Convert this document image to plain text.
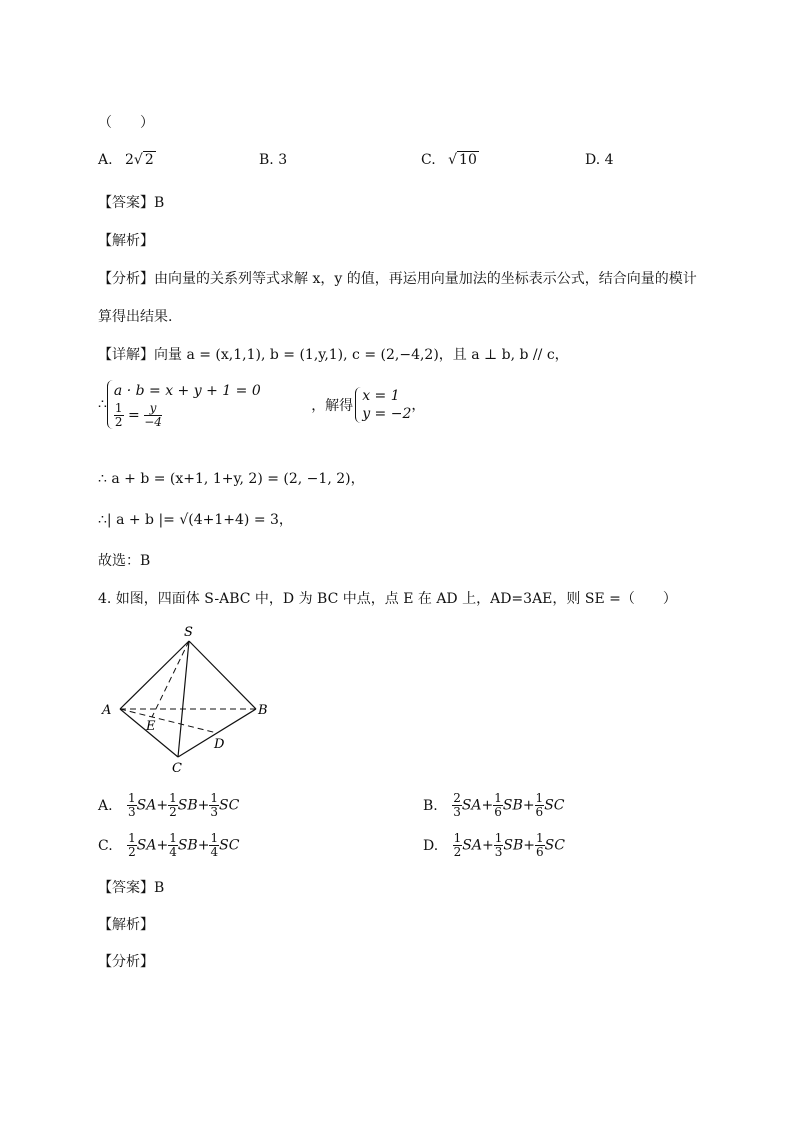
（　　）
A. 2√ 2	B. 3	C. √ 10	D. 4
【答案】B
【解析】
【分析】由向量的关系列等式求解 x，y 的值，再运用向量加法的坐标表示公式，结合向量的模计
算得出结果.
【详解】向量 a = (x,1,1), b = (1,y,1), c = (2,−4,2)，且 a ⊥ b, b // c，
∴
a · b = x + y + 1 = 0
$\frac{1}{2} = \frac{y}{-4}$	，解得
x = 1
y = −2 ，
∴ a + b = (x+1, 1+y, 2) = (2, −1, 2)，
∴| a + b |= √(4+1+4) = 3，
故选：B
4. 如图，四面体 S-ABC 中，D 为 BC 中点，点 E 在 AD 上，AD=3AE，则 SE =（　　）
S
A	B
C
D
E
A. $\frac{1}{3} SA+ \frac{1}{2} SB+ \frac{1}{3}$ SC	B. $\frac{2}{3} SA+ \frac{1}{6} SB+ \frac{1}{6}$ SC
C. $\frac{1}{2} SA+ \frac{1}{4} SB+ \frac{1}{4}$ SC	D. $\frac{1}{2} SA+ \frac{1}{3} SB+ \frac{1}{6}$ SC
【答案】B
【解析】
【分析】
